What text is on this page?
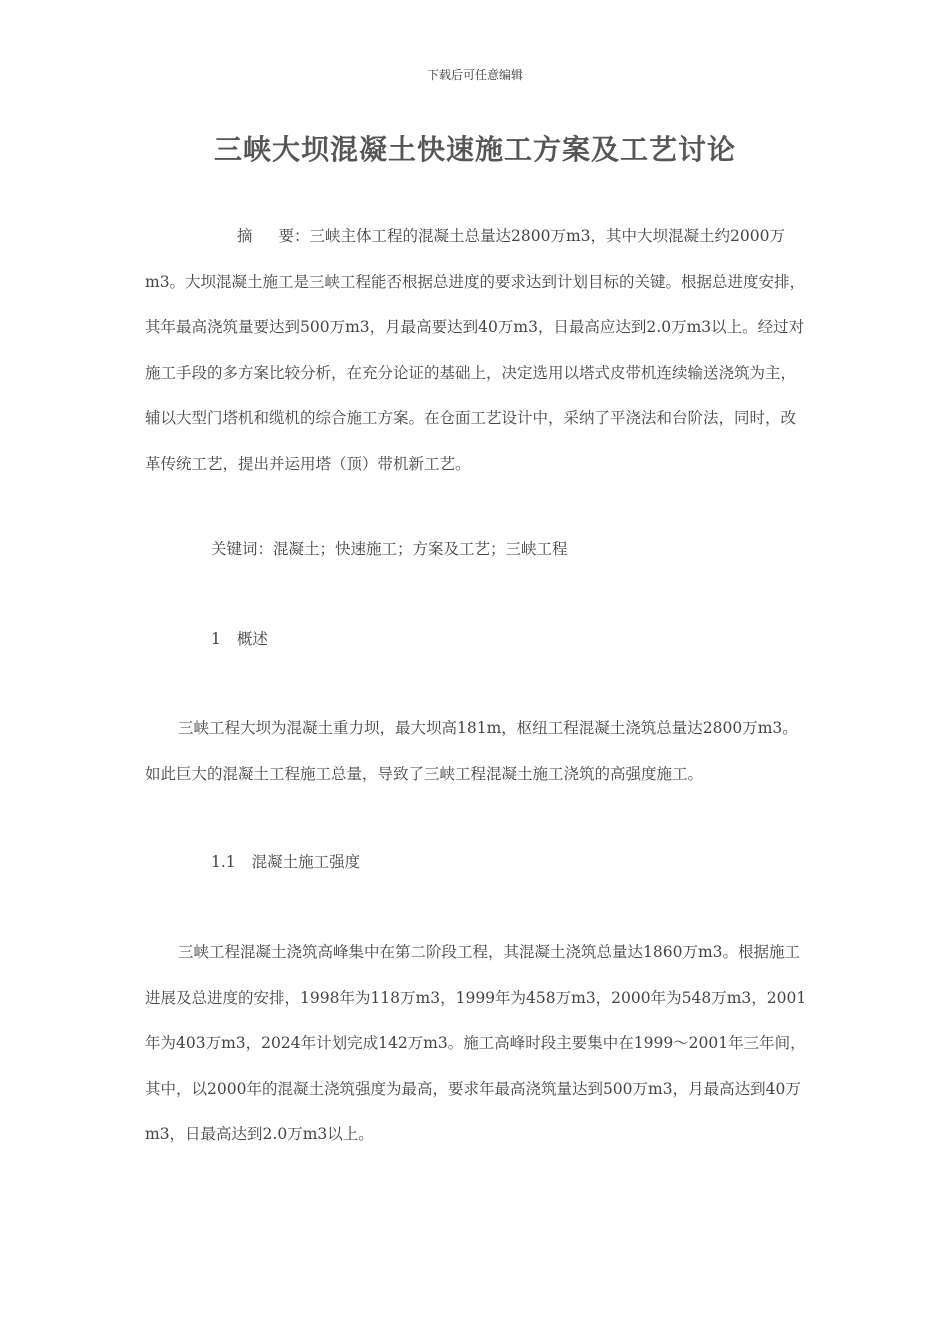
下载后可任意编辑
三峡大坝混凝土快速施工方案及工艺讨论
摘 要：三峡主体工程的混凝土总量达2800万m3，其中大坝混凝土约2000万m3。大坝混凝土施工是三峡工程能否根据总进度的要求达到计划目标的关键。根据总进度安排，其年最高浇筑量要达到500万m3，月最高要达到40万m3，日最高应达到2.0万m3以上。经过对施工手段的多方案比较分析，在充分论证的基础上，决定选用以塔式皮带机连续输送浇筑为主，辅以大型门塔机和缆机的综合施工方案。在仓面工艺设计中，采纳了平浇法和台阶法，同时，改革传统工艺，提出并运用塔（顶）带机新工艺。
关键词：混凝土；快速施工；方案及工艺；三峡工程
1 概述
三峡工程大坝为混凝土重力坝，最大坝高181m，枢纽工程混凝土浇筑总量达2800万m3。如此巨大的混凝土工程施工总量，导致了三峡工程混凝土施工浇筑的高强度施工。
1.1 混凝土施工强度
三峡工程混凝土浇筑高峰集中在第二阶段工程，其混凝土浇筑总量达1860万m3。根据施工进展及总进度的安排，1998年为118万m3，1999年为458万m3，2000年为548万m3，2001年为403万m3，2024年计划完成142万m3。施工高峰时段主要集中在1999～2001年三年间，其中，以2000年的混凝土浇筑强度为最高，要求年最高浇筑量达到500万m3，月最高达到40万m3，日最高达到2.0万m3以上。
